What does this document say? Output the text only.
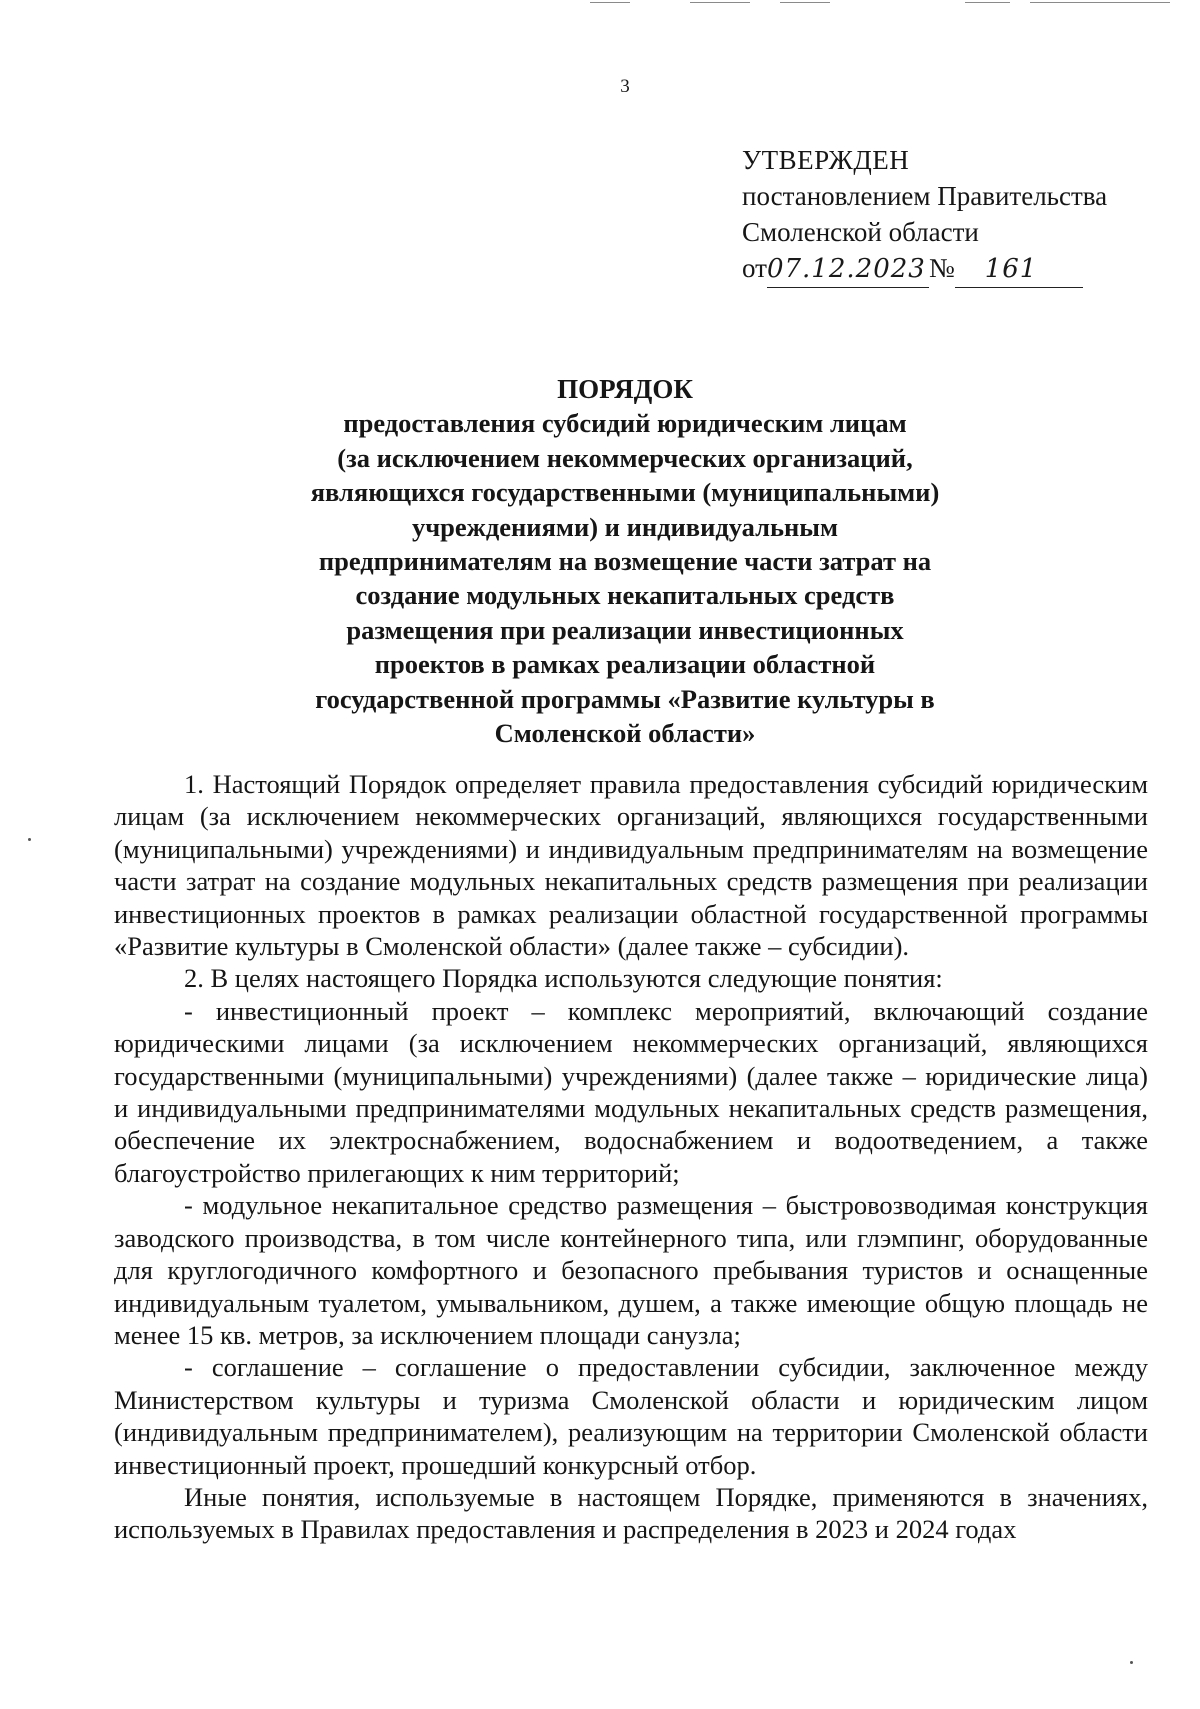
3
УТВЕРЖДЕН
постановлением Правительства
Смоленской области
от07.12.2023 № 161
ПОРЯДОК
предоставления субсидий юридическим лицам
(за исключением некоммерческих организаций,
являющихся государственными (муниципальными)
учреждениями) и индивидуальным
предпринимателям на возмещение части затрат на
создание модульных некапитальных средств
размещения при реализации инвестиционных
проектов в рамках реализации областной
государственной программы «Развитие культуры в
Смоленской области»

1. Настоящий Порядок определяет правила предоставления субсидий юридическим лицам (за исключением некоммерческих организаций, являющихся государственными (муниципальными) учреждениями) и индивидуальным предпринимателям на возмещение части затрат на создание модульных некапитальных средств размещения при реализации инвестиционных проектов в рамках реализации областной государственной программы «Развитие культуры в Смоленской области» (далее также – субсидии).

2. В целях настоящего Порядка используются следующие понятия:

- инвестиционный проект – комплекс мероприятий, включающий создание юридическими лицами (за исключением некоммерческих организаций, являющихся государственными (муниципальными) учреждениями) (далее также – юридические лица) и индивидуальными предпринимателями модульных некапитальных средств размещения, обеспечение их электроснабжением, водоснабжением и водоотведением, а также благоустройство прилегающих к ним территорий;

- модульное некапитальное средство размещения – быстровозводимая конструкция заводского производства, в том числе контейнерного типа, или глэмпинг, оборудованные для круглогодичного комфортного и безопасного пребывания туристов и оснащенные индивидуальным туалетом, умывальником, душем, а также имеющие общую площадь не менее 15 кв. метров, за исключением площади санузла;

- соглашение – соглашение о предоставлении субсидии, заключенное между Министерством культуры и туризма Смоленской области и юридическим лицом (индивидуальным предпринимателем), реализующим на территории Смоленской области инвестиционный проект, прошедший конкурсный отбор.

Иные понятия, используемые в настоящем Порядке, применяются в значениях, используемых в Правилах предоставления и распределения в 2023 и 2024 годах
